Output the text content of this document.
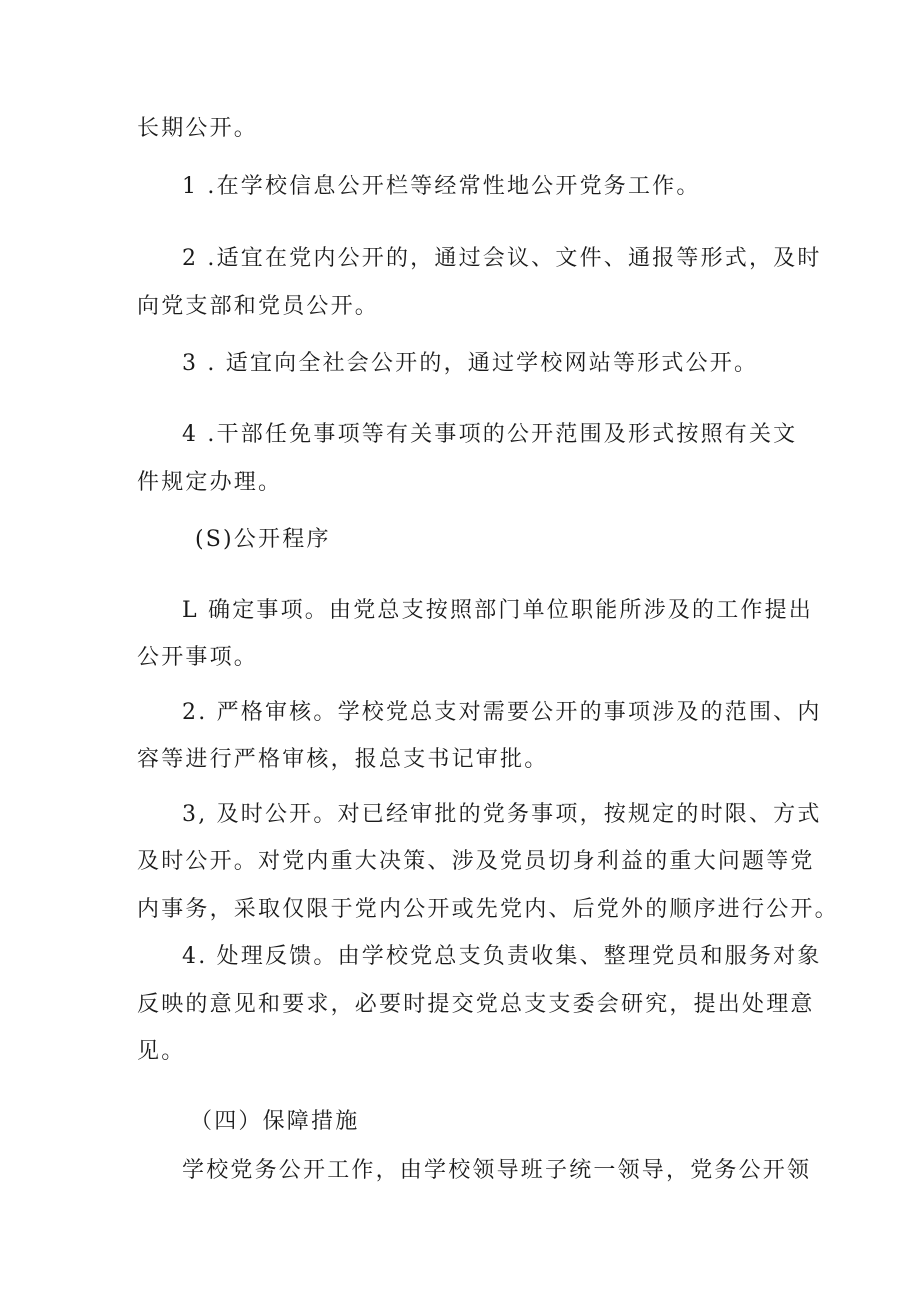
长期公开。
1 .在学校信息公开栏等经常性地公开党务工作。
2 .适宜在党内公开的，通过会议、文件、通报等形式，及时
向党支部和党员公开。
3 . 适宜向全社会公开的，通过学校网站等形式公开。
4 .干部任免事项等有关事项的公开范围及形式按照有关文
件规定办理。
(S)公开程序
L 确定事项。由党总支按照部门单位职能所涉及的工作提出
公开事项。
2. 严格审核。学校党总支对需要公开的事项涉及的范围、内
容等进行严格审核，报总支书记审批。
3, 及时公开。对已经审批的党务事项，按规定的时限、方式
及时公开。对党内重大决策、涉及党员切身利益的重大问题等党
内事务，采取仅限于党内公开或先党内、后党外的顺序进行公开。
4. 处理反馈。由学校党总支负责收集、整理党员和服务对象
反映的意见和要求，必要时提交党总支支委会研究，提出处理意
见。
（四）保障措施
学校党务公开工作，由学校领导班子统一领导，党务公开领
